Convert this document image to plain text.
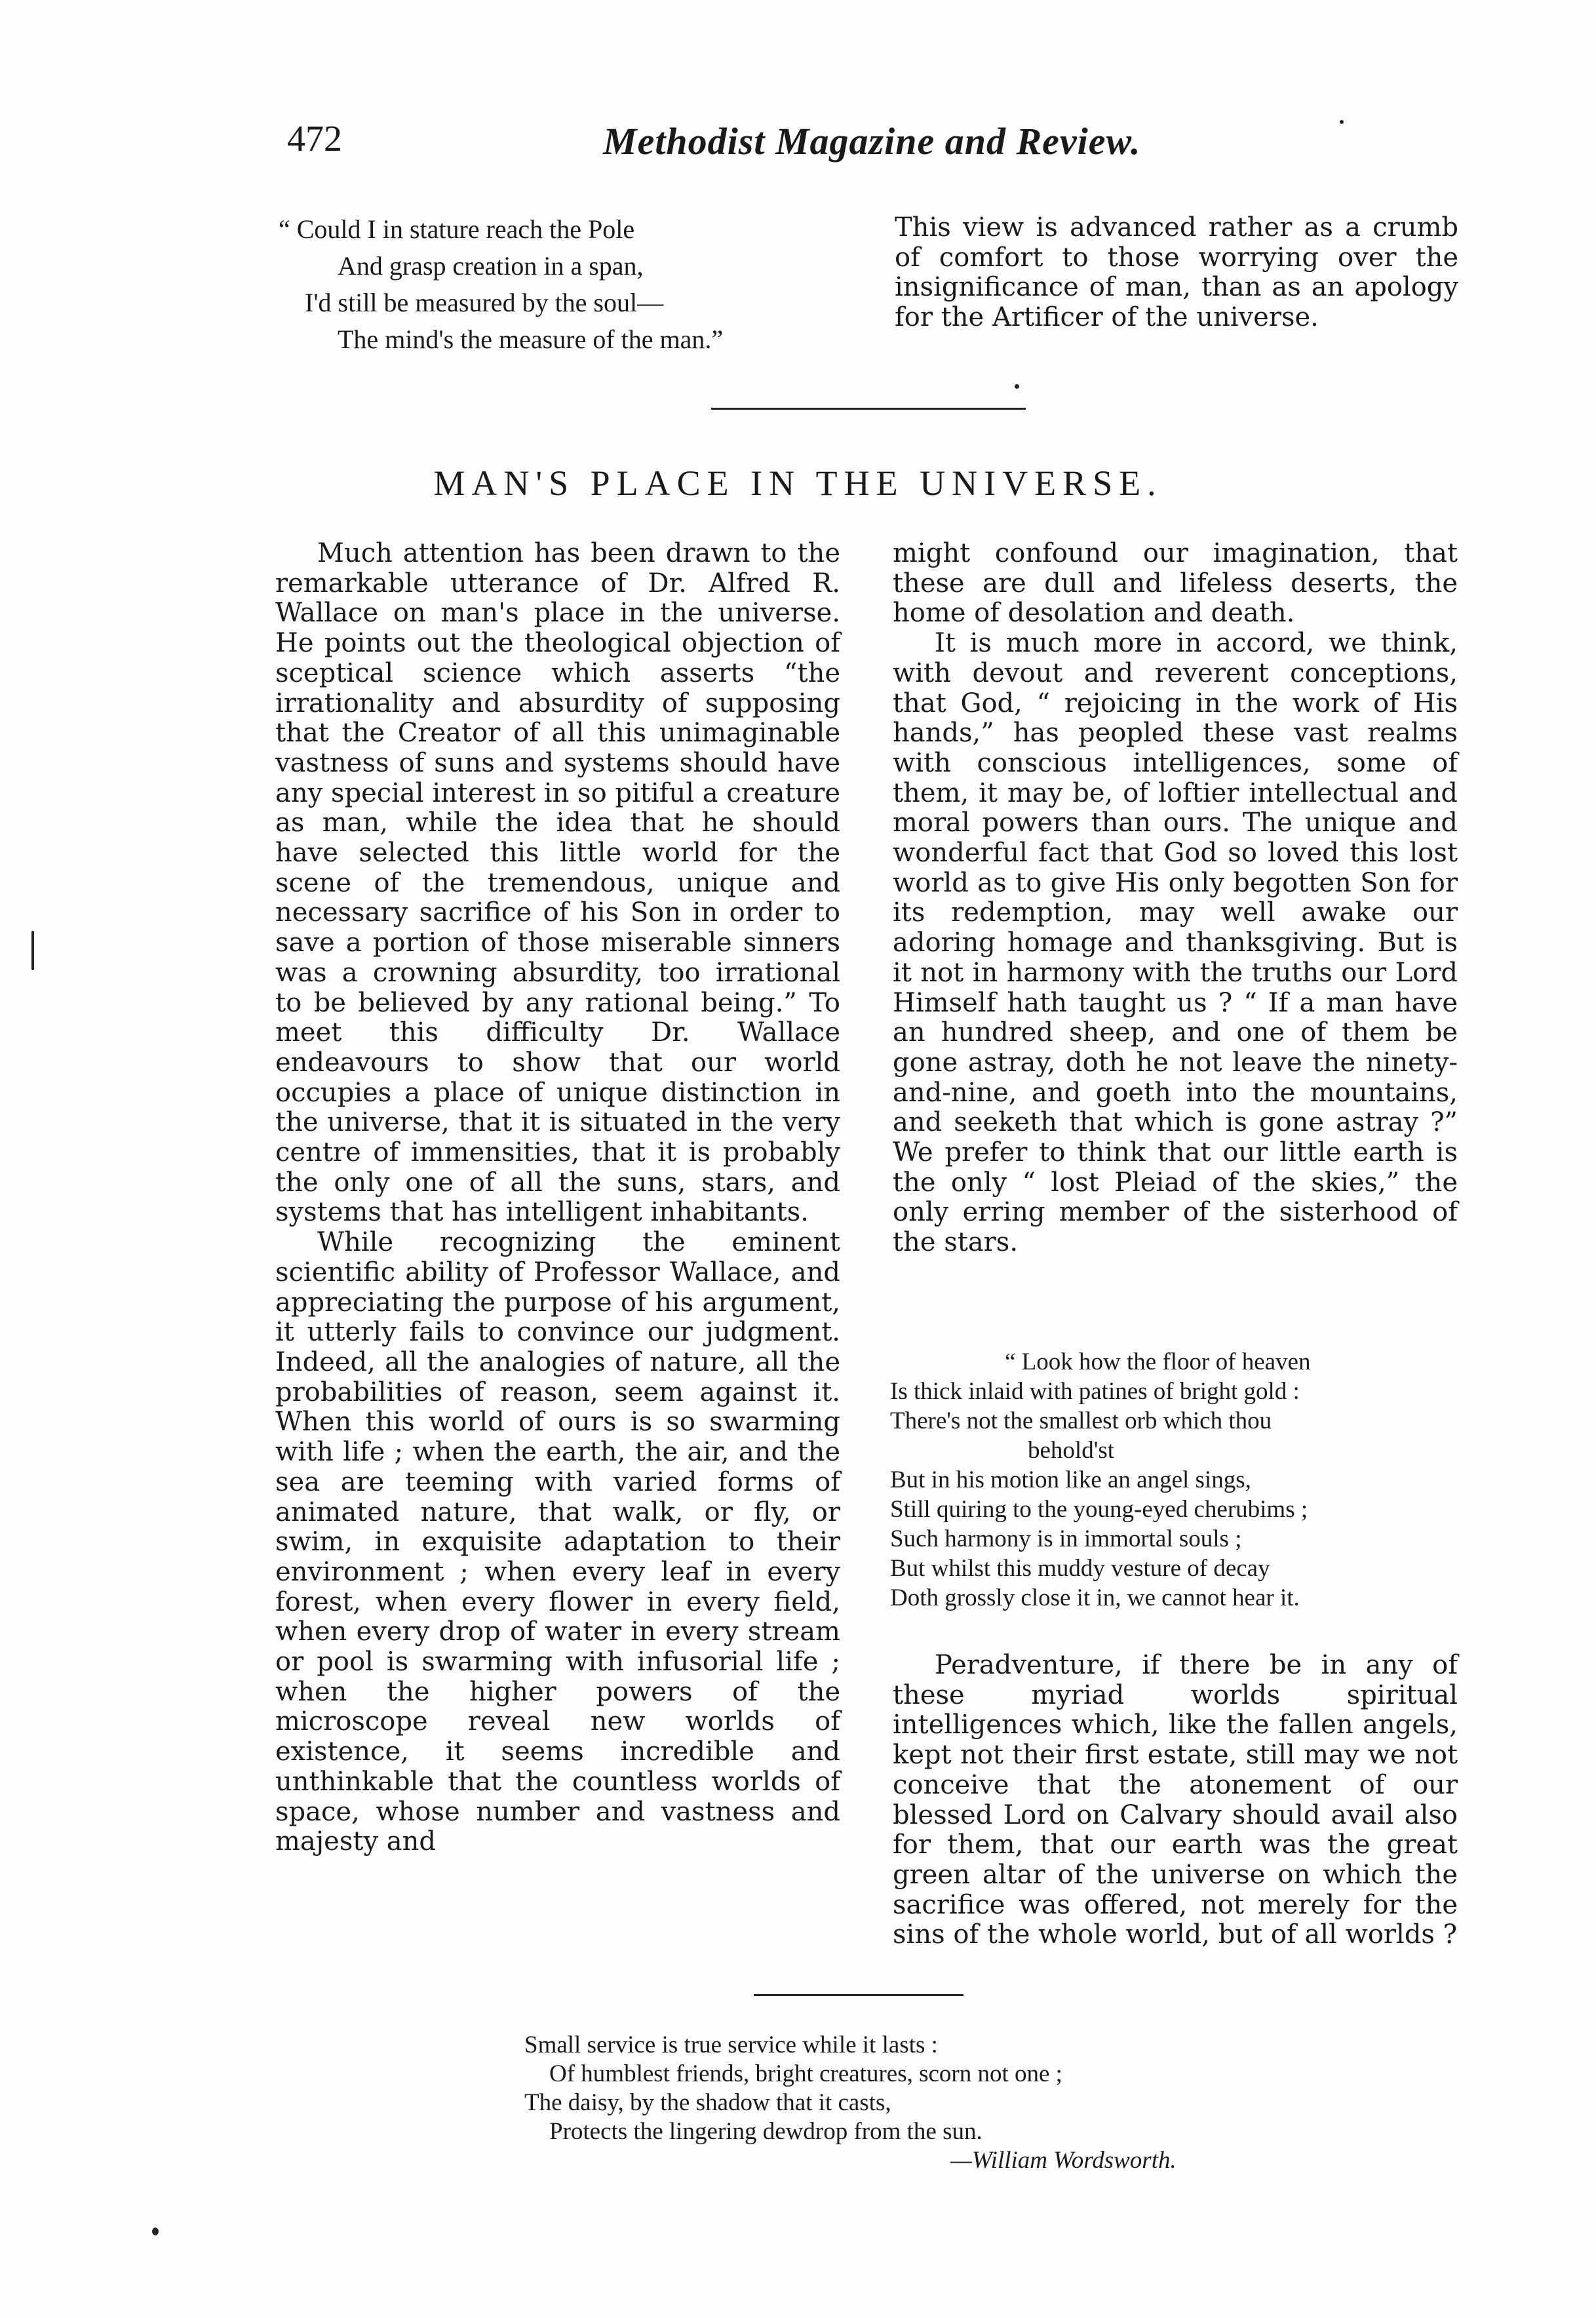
472	Methodist Magazine and Review.
“ Could I in stature reach the Pole
And grasp creation in a span,
I'd still be measured by the soul—
The mind's the measure of the man.”

This view is advanced rather as a crumb of comfort to those worrying over the insignificance of man, than as an apology for the Artificer of the universe.

MAN'S PLACE IN THE UNIVERSE.

Much attention has been drawn to the remarkable utterance of Dr. Alfred R. Wallace on man's place in the universe. He points out the theological objection of sceptical science which asserts “the irrationality and absurdity of supposing that the Creator of all this unimaginable vastness of suns and systems should have any special interest in so pitiful a creature as man, while the idea that he should have selected this little world for the scene of the tremendous, unique and necessary sacrifice of his Son in order to save a portion of those miserable sinners was a crowning absurdity, too irrational to be believed by any rational being.” To meet this difficulty Dr. Wallace endeavours to show that our world occupies a place of unique distinction in the universe, that it is situated in the very centre of immensities, that it is probably the only one of all the suns, stars, and systems that has intelligent inhabitants.

While recognizing the eminent scientific ability of Professor Wallace, and appreciating the purpose of his argument, it utterly fails to convince our judgment. Indeed, all the analogies of nature, all the probabilities of reason, seem against it. When this world of ours is so swarming with life ; when the earth, the air, and the sea are teeming with varied forms of animated nature, that walk, or fly, or swim, in exquisite adaptation to their environment ; when every leaf in every forest, when every flower in every field, when every drop of water in every stream or pool is swarming with infusorial life ; when the higher powers of the microscope reveal new worlds of existence, it seems incredible and unthinkable that the countless worlds of space, whose number and vastness and majesty and

might confound our imagination, that these are dull and lifeless deserts, the home of desolation and death.

It is much more in accord, we think, with devout and reverent conceptions, that God, “ rejoicing in the work of His hands,” has peopled these vast realms with conscious intelligences, some of them, it may be, of loftier intellectual and moral powers than ours. The unique and wonderful fact that God so loved this lost world as to give His only begotten Son for its redemption, may well awake our adoring homage and thanksgiving. But is it not in harmony with the truths our Lord Himself hath taught us ? “ If a man have an hundred sheep, and one of them be gone astray, doth he not leave the ninety-and-nine, and goeth into the mountains, and seeketh that which is gone astray ?” We prefer to think that our little earth is the only “ lost Pleiad of the skies,” the only erring member of the sisterhood of the stars.

“ Look how the floor of heaven
Is thick inlaid with patines of bright gold :
There's not the smallest orb which thou
behold'st
But in his motion like an angel sings,
Still quiring to the young-eyed cherubims ;
Such harmony is in immortal souls ;
But whilst this muddy vesture of decay
Doth grossly close it in, we cannot hear it.

Peradventure, if there be in any of these myriad worlds spiritual intelligences which, like the fallen angels, kept not their first estate, still may we not conceive that the atonement of our blessed Lord on Calvary should avail also for them, that our earth was the great green altar of the universe on which the sacrifice was offered, not merely for the sins of the whole world, but of all worlds ?

Small service is true service while it lasts :
Of humblest friends, bright creatures, scorn not one ;
The daisy, by the shadow that it casts,
Protects the lingering dewdrop from the sun.
—William Wordsworth.
